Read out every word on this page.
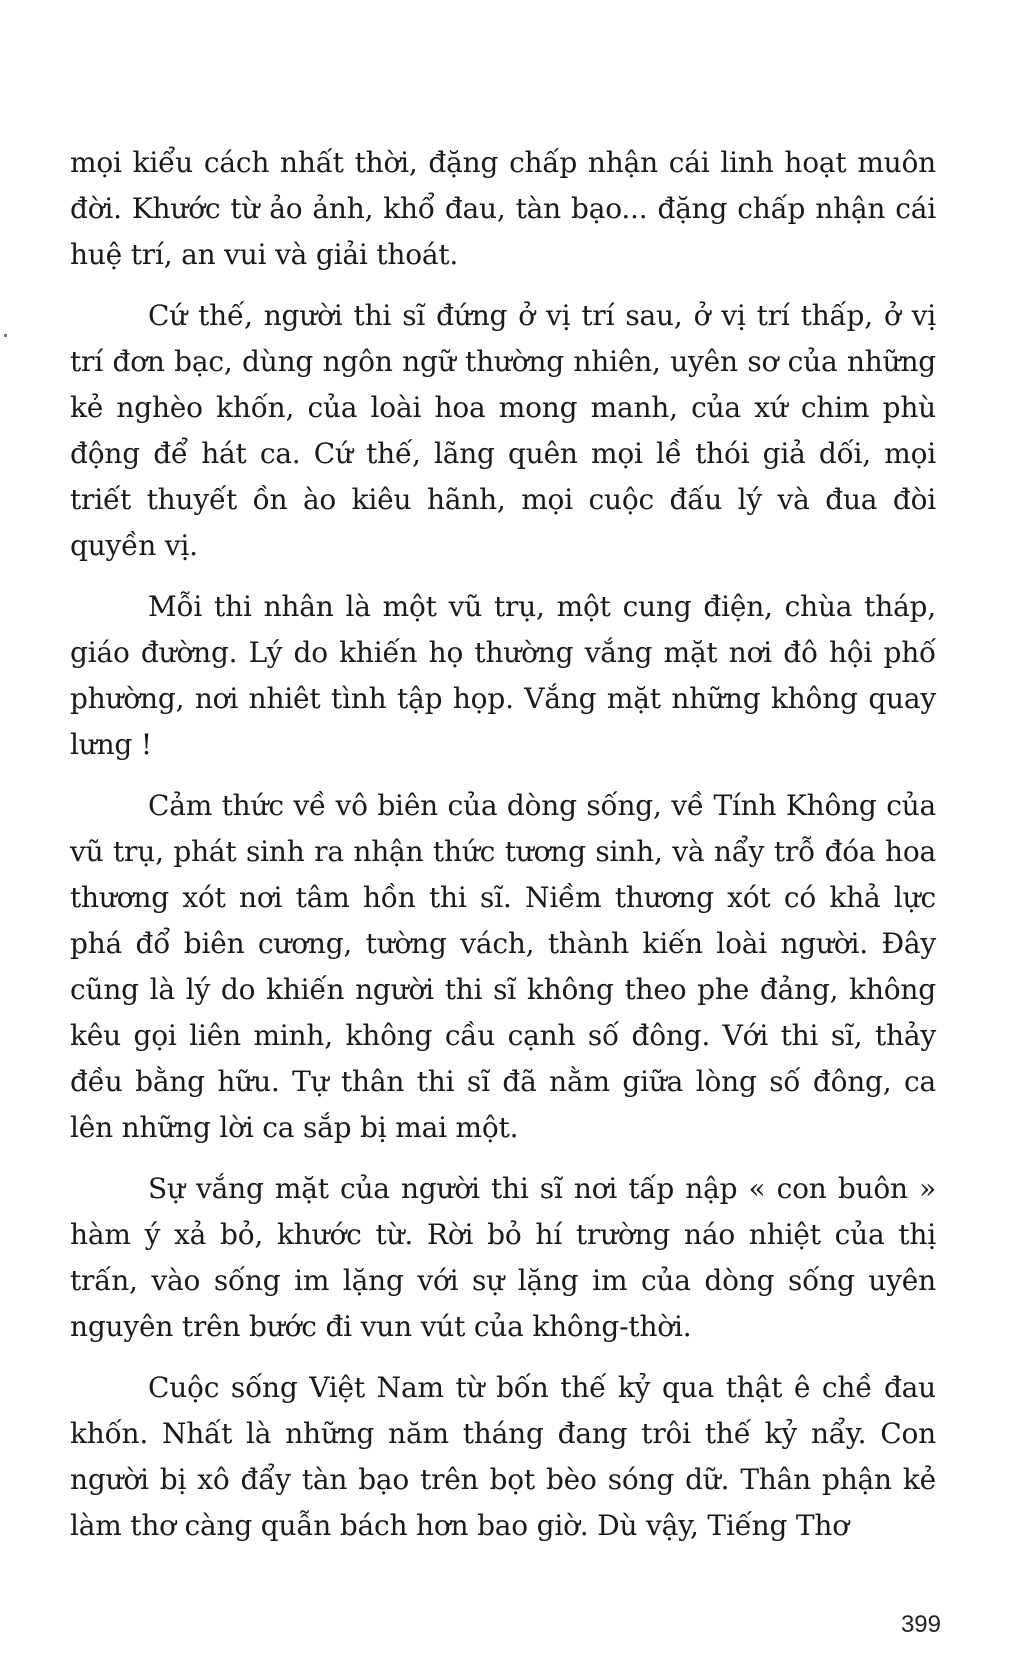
mọi kiểu cách nhất thời, đặng chấp nhận cái linh hoạt muôn đời. Khước từ ảo ảnh, khổ đau, tàn bạo... đặng chấp nhận cái huệ trí, an vui và giải thoát.

Cứ thế, người thi sĩ đứng ở vị trí sau, ở vị trí thấp, ở vị trí đơn bạc, dùng ngôn ngữ thường nhiên, uyên sơ của những kẻ nghèo khốn, của loài hoa mong manh, của xứ chim phù động để hát ca. Cứ thế, lãng quên mọi lề thói giả dối, mọi triết thuyết ồn ào kiêu hãnh, mọi cuộc đấu lý và đua đòi quyền vị.

Mỗi thi nhân là một vũ trụ, một cung điện, chùa tháp, giáo đường. Lý do khiến họ thường vắng mặt nơi đô hội phố phường, nơi nhiêt tình tập họp. Vắng mặt những không quay lưng !

Cảm thức về vô biên của dòng sống, về Tính Không của vũ trụ, phát sinh ra nhận thức tương sinh, và nẩy trỗ đóa hoa thương xót nơi tâm hồn thi sĩ. Niềm thương xót có khả lực phá đổ biên cương, tường vách, thành kiến loài người. Đây cũng là lý do khiến người thi sĩ không theo phe đảng, không kêu gọi liên minh, không cầu cạnh số đông. Với thi sĩ, thảy đều bằng hữu. Tự thân thi sĩ đã nằm giữa lòng số đông, ca lên những lời ca sắp bị mai một.

Sự vắng mặt của người thi sĩ nơi tấp nập « con buôn » hàm ý xả bỏ, khước từ. Rời bỏ hí trường náo nhiệt của thị trấn, vào sống im lặng với sự lặng im của dòng sống uyên nguyên trên bước đi vun vút của không-thời.

Cuộc sống Việt Nam từ bốn thế kỷ qua thật ê chề đau khốn. Nhất là những năm tháng đang trôi thế kỷ nẩy. Con người bị xô đẩy tàn bạo trên bọt bèo sóng dữ. Thân phận kẻ làm thơ càng quẫn bách hơn bao giờ. Dù vậy, Tiếng Thơ

399
